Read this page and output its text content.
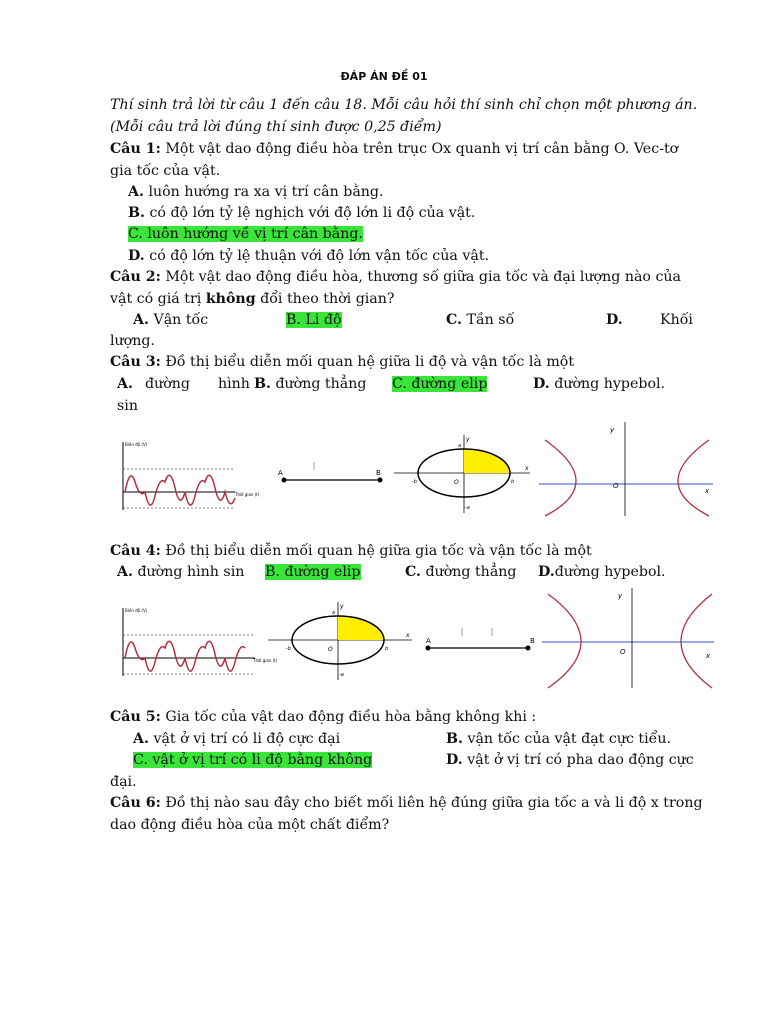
ĐÁP ÁN ĐỀ 01
Thí sinh trả lời từ câu 1 đến câu 18. Mỗi câu hỏi thí sinh chỉ chọn một phương án.
(Mỗi câu trả lời đúng thí sinh được 0,25 điểm)
Câu 1: Một vật dao động điều hòa trên trục Ox quanh vị trí cân bằng O. Vec-tơ
gia tốc của vật.
A. luôn hướng ra xa vị trí cân bằng.
B. có độ lớn tỷ lệ nghịch với độ lớn li độ của vật.
C. luôn hướng về vị trí cân bằng.
D. có độ lớn tỷ lệ thuận với độ lớn vận tốc của vật.
Câu 2: Một vật dao động điều hòa, thương số giữa gia tốc và đại lượng nào của
vật có giá trị không đổi theo thời gian?
A. Vận tốc	B. Li độ	C. Tần số	D.	Khối
lượng.
Câu 3: Đồ thị biểu diễn mối quan hệ giữa li độ và vận tốc là một
A. đường hình
sin
B. đường thẳng C. đường elip	D. đường hypebol.
Biên độ (V)
Thời gian (t)
A	B
y
x
a
-a
b
-b	O
y
x
O
Câu 4: Đồ thị biểu diễn mối quan hệ giữa gia tốc và vận tốc là một
A. đường hình sin B. đường elip	C. đường thẳng D.đường hypebol.
Biên độ (V)
Thời gian (t)
y
x
a
-a
b
-b	O
A	B
y
x
O
Câu 5: Gia tốc của vật dao động điều hòa bằng không khi :
A. vật ở vị trí có li độ cực đại	B. vận tốc của vật đạt cực tiểu.
C. vật ở vị trí có li độ bằng không	D. vật ở vị trí có pha dao động cực
đại.
Câu 6: Đồ thị nào sau đây cho biết mối liên hệ đúng giữa gia tốc a và li độ x trong
dao động điều hòa của một chất điểm?
